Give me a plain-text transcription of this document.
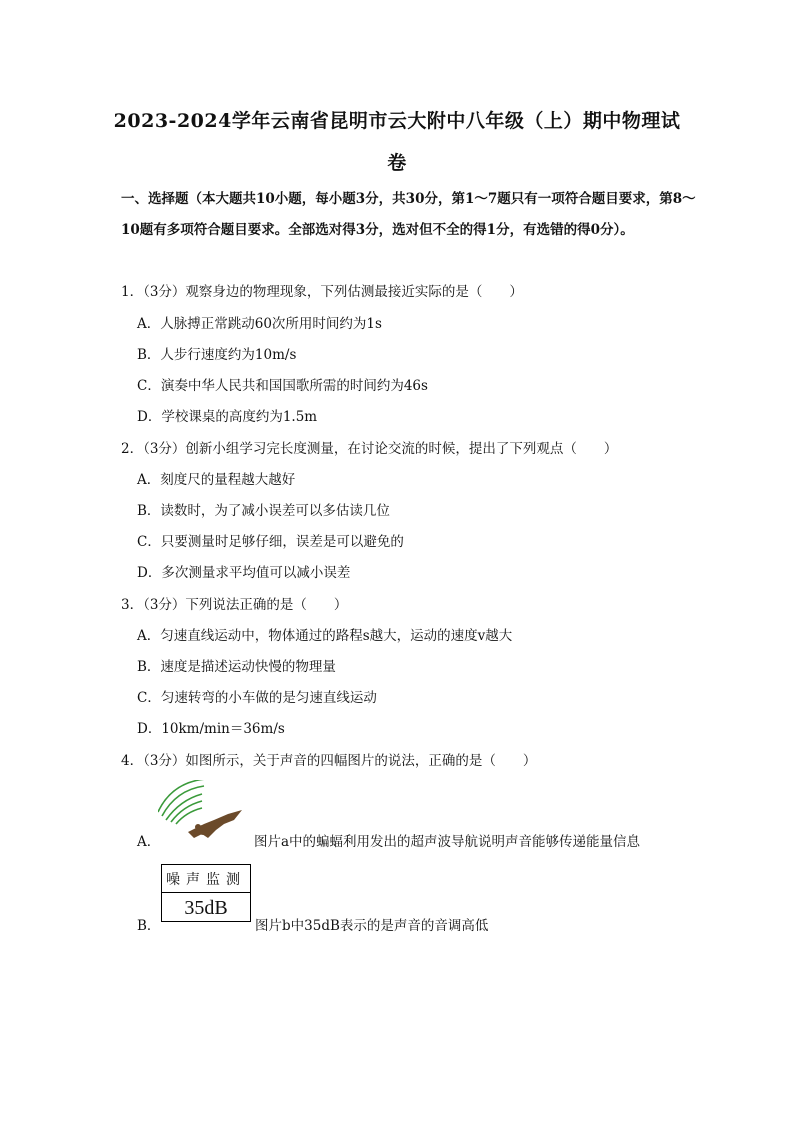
2023-2024学年云南省昆明市云大附中八年级（上）期中物理试
卷
一、选择题（本大题共10小题，每小题3分，共30分，第1～7题只有一项符合题目要求，第8～10题有多项符合题目要求。全部选对得3分，选对但不全的得1分，有选错的得0分）。
1．（3分）观察身边的物理现象，下列估测最接近实际的是（　　）
A．人脉搏正常跳动60次所用时间约为1s
B．人步行速度约为10m/s
C．演奏中华人民共和国国歌所需的时间约为46s
D．学校课桌的高度约为1.5m
2．（3分）创新小组学习完长度测量，在讨论交流的时候，提出了下列观点（　　）
A．刻度尺的量程越大越好
B．读数时，为了减小误差可以多估读几位
C．只要测量时足够仔细，误差是可以避免的
D．多次测量求平均值可以减小误差
3．（3分）下列说法正确的是（　　）
A．匀速直线运动中，物体通过的路程s越大，运动的速度v越大
B．速度是描述运动快慢的物理量
C．匀速转弯的小车做的是匀速直线运动
D．10km/min＝36m/s
4．（3分）如图所示，关于声音的四幅图片的说法，正确的是（　　）
A．	图片a中的蝙蝠利用发出的超声波导航说明声音能够传递能量信息
B．
噪声监测
35dB
图片b中35dB表示的是声音的音调高低
